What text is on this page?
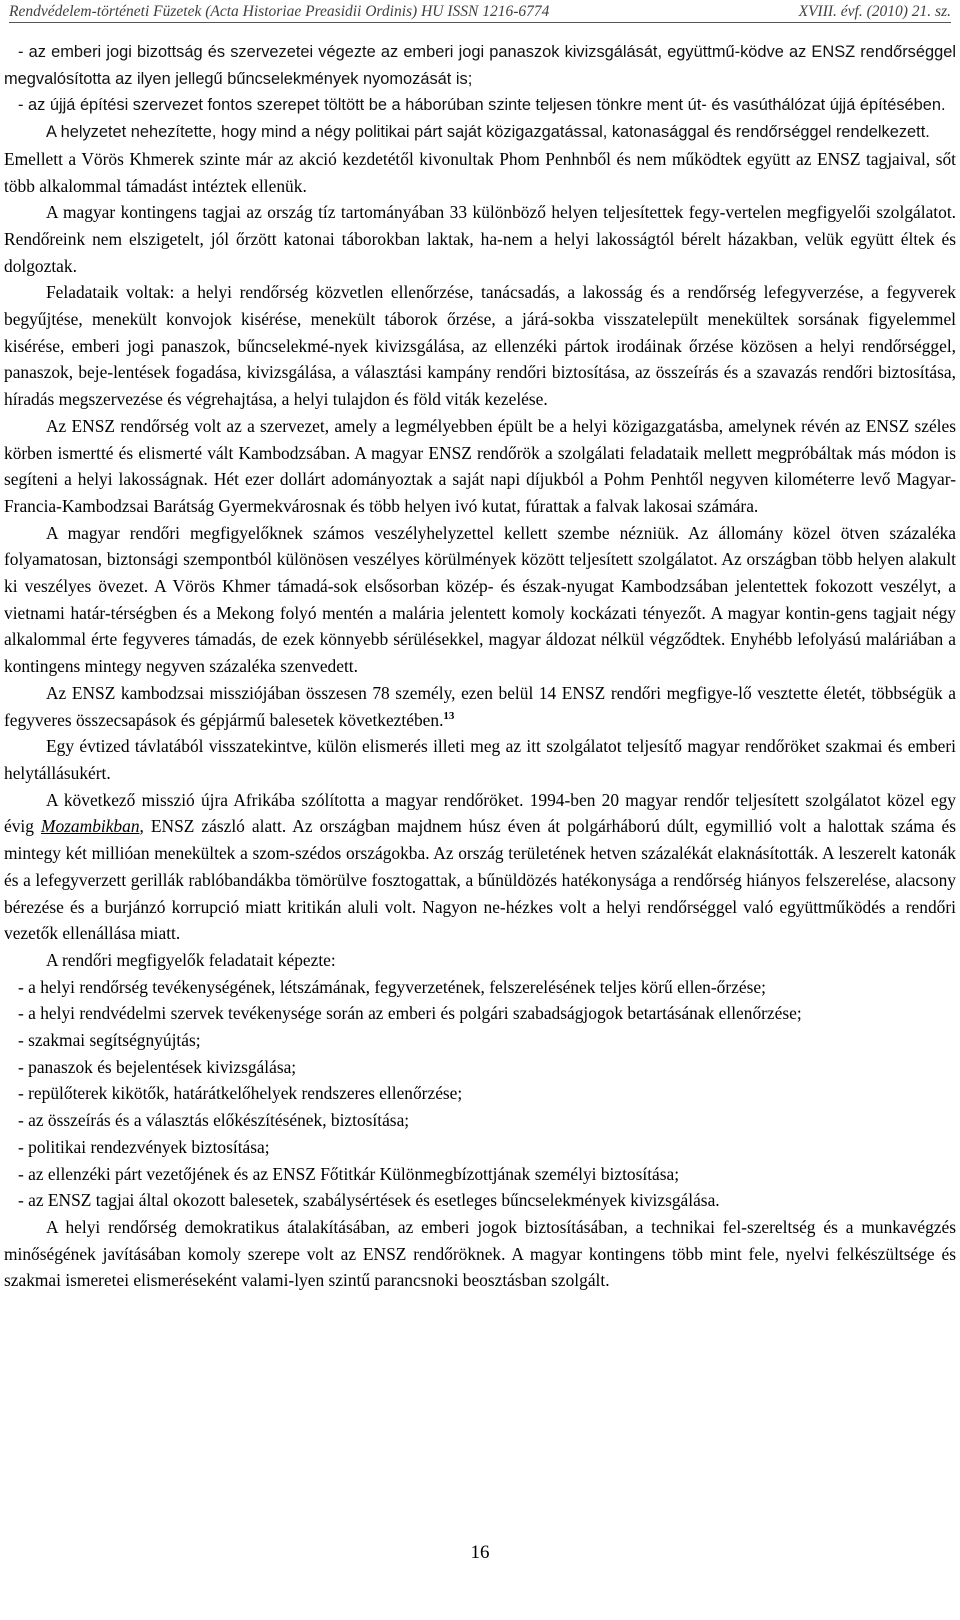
Rendvédelem-történeti Füzetek (Acta Historiae Preasidii Ordinis) HU ISSN 1216-6774	XVIII. évf. (2010) 21. sz.

- az emberi jogi bizottság és szervezetei végezte az emberi jogi panaszok kivizsgálását, együttmű-ködve az ENSZ rendőrséggel megvalósította az ilyen jellegű bűncselekmények nyomozását is;

- az újjá építési szervezet fontos szerepet töltött be a háborúban szinte teljesen tönkre ment út- és vasúthálózat újjá építésében.

A helyzetet nehezítette, hogy mind a négy politikai párt saját közigazgatással, katonasággal és rendőrséggel rendelkezett.

Emellett a Vörös Khmerek szinte már az akció kezdetétől kivonultak Phom Penhnből és nem működtek együtt az ENSZ tagjaival, sőt több alkalommal támadást intéztek ellenük.

A magyar kontingens tagjai az ország tíz tartományában 33 különböző helyen teljesítettek fegy-vertelen megfigyelői szolgálatot. Rendőreink nem elszigetelt, jól őrzött katonai táborokban laktak, ha-nem a helyi lakosságtól bérelt házakban, velük együtt éltek és dolgoztak.

Feladataik voltak: a helyi rendőrség közvetlen ellenőrzése, tanácsadás, a lakosság és a rendőrség lefegyverzése, a fegyverek begyűjtése, menekült konvojok kisérése, menekült táborok őrzése, a járá-sokba visszatelepült menekültek sorsának figyelemmel kisérése, emberi jogi panaszok, bűncselekmé-nyek kivizsgálása, az ellenzéki pártok irodáinak őrzése közösen a helyi rendőrséggel, panaszok, beje-lentések fogadása, kivizsgálása, a választási kampány rendőri biztosítása, az összeírás és a szavazás rendőri biztosítása, híradás megszervezése és végrehajtása, a helyi tulajdon és föld viták kezelése.

Az ENSZ rendőrség volt az a szervezet, amely a legmélyebben épült be a helyi közigazgatásba, amelynek révén az ENSZ széles körben ismertté és elismerté vált Kambodzsában. A magyar ENSZ rendőrök a szolgálati feladataik mellett megpróbáltak más módon is segíteni a helyi lakosságnak. Hét ezer dollárt adományoztak a saját napi díjukból a Pohm Penhtől negyven kilométerre levő Magyar-Francia-Kambodzsai Barátság Gyermekvárosnak és több helyen ivó kutat, fúrattak a falvak lakosai számára.

A magyar rendőri megfigyelőknek számos veszélyhelyzettel kellett szembe nézniük. Az állomány közel ötven százaléka folyamatosan, biztonsági szempontból különösen veszélyes körülmények között teljesített szolgálatot. Az országban több helyen alakult ki veszélyes övezet. A Vörös Khmer támadá-sok elsősorban közép- és észak-nyugat Kambodzsában jelentettek fokozott veszélyt, a vietnami határ-térségben és a Mekong folyó mentén a malária jelentett komoly kockázati tényezőt. A magyar kontin-gens tagjait négy alkalommal érte fegyveres támadás, de ezek könnyebb sérülésekkel, magyar áldozat nélkül végződtek. Enyhébb lefolyású maláriában a kontingens mintegy negyven százaléka szenvedett.

Az ENSZ kambodzsai missziójában összesen 78 személy, ezen belül 14 ENSZ rendőri megfigye-lő vesztette életét, többségük a fegyveres összecsapások és gépjármű balesetek következtében.$^{13}$

Egy évtized távlatából visszatekintve, külön elismerés illeti meg az itt szolgálatot teljesítő magyar rendőröket szakmai és emberi helytállásukért.

A következő misszió újra Afrikába szólította a magyar rendőröket. 1994-ben 20 magyar rendőr teljesített szolgálatot közel egy évig Mozambikban, ENSZ zászló alatt. Az országban majdnem húsz éven át polgárháború dúlt, egymillió volt a halottak száma és mintegy két millióan menekültek a szom-szédos országokba. Az ország területének hetven százalékát elaknásították. A leszerelt katonák és a lefegyverzett gerillák rablóbandákba tömörülve fosztogattak, a bűnüldözés hatékonysága a rendőrség hiányos felszerelése, alacsony bérezése és a burjánzó korrupció miatt kritikán aluli volt. Nagyon ne-hézkes volt a helyi rendőrséggel való együttműködés a rendőri vezetők ellenállása miatt.

A rendőri megfigyelők feladatait képezte:

- a helyi rendőrség tevékenységének, létszámának, fegyverzetének, felszerelésének teljes körű ellen-őrzése;

- a helyi rendvédelmi szervek tevékenysége során az emberi és polgári szabadságjogok betartásának ellenőrzése;

- szakmai segítségnyújtás;

- panaszok és bejelentések kivizsgálása;

- repülőterek kikötők, határátkelőhelyek rendszeres ellenőrzése;

- az összeírás és a választás előkészítésének, biztosítása;

- politikai rendezvények biztosítása;

- az ellenzéki párt vezetőjének és az ENSZ Főtitkár Különmegbízottjának személyi biztosítása;

- az ENSZ tagjai által okozott balesetek, szabálysértések és esetleges bűncselekmények kivizsgálása.

A helyi rendőrség demokratikus átalakításában, az emberi jogok biztosításában, a technikai fel-szereltség és a munkavégzés minőségének javításában komoly szerepe volt az ENSZ rendőröknek. A magyar kontingens több mint fele, nyelvi felkészültsége és szakmai ismeretei elismeréseként valami-lyen szintű parancsnoki beosztásban szolgált.

16
